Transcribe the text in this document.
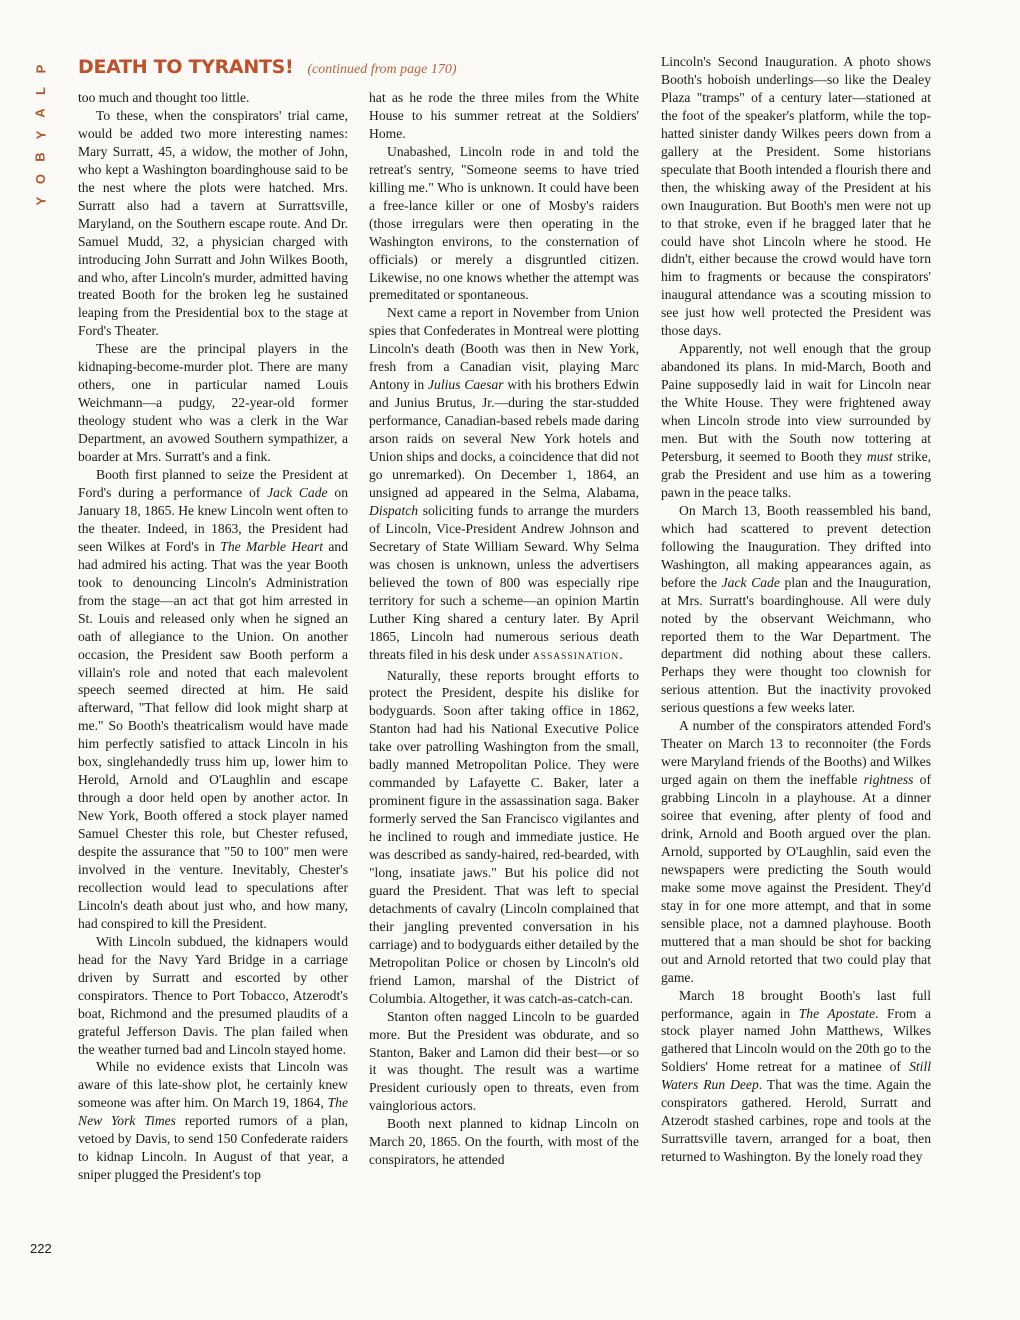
P
L
A
Y
B
O
Y
DEATH TO TYRANTS! (continued from page 170)

too much and thought too little.

To these, when the conspirators' trial came, would be added two more interesting names: Mary Surratt, 45, a widow, the mother of John, who kept a Washington boardinghouse said to be the nest where the plots were hatched. Mrs. Surratt also had a tavern at Surrattsville, Maryland, on the Southern escape route. And Dr. Samuel Mudd, 32, a physician charged with introducing John Surratt and John Wilkes Booth, and who, after Lincoln's murder, admitted having treated Booth for the broken leg he sustained leaping from the Presidential box to the stage at Ford's Theater.

These are the principal players in the kidnaping-become-murder plot. There are many others, one in particular named Louis Weichmann—a pudgy, 22-year-old former theology student who was a clerk in the War Department, an avowed Southern sympathizer, a boarder at Mrs. Surratt's and a fink.

Booth first planned to seize the President at Ford's during a performance of Jack Cade on January 18, 1865. He knew Lincoln went often to the theater. Indeed, in 1863, the President had seen Wilkes at Ford's in The Marble Heart and had admired his acting. That was the year Booth took to denouncing Lincoln's Administration from the stage—an act that got him arrested in St. Louis and released only when he signed an oath of allegiance to the Union. On another occasion, the President saw Booth perform a villain's role and noted that each malevolent speech seemed directed at him. He said afterward, "That fellow did look might sharp at me." So Booth's theatricalism would have made him perfectly satisfied to attack Lincoln in his box, singlehandedly truss him up, lower him to Herold, Arnold and O'Laughlin and escape through a door held open by another actor. In New York, Booth offered a stock player named Samuel Chester this role, but Chester refused, despite the assurance that "50 to 100" men were involved in the venture. Inevitably, Chester's recollection would lead to speculations after Lincoln's death about just who, and how many, had conspired to kill the President.

With Lincoln subdued, the kidnapers would head for the Navy Yard Bridge in a carriage driven by Surratt and escorted by other conspirators. Thence to Port Tobacco, Atzerodt's boat, Richmond and the presumed plaudits of a grateful Jefferson Davis. The plan failed when the weather turned bad and Lincoln stayed home.

While no evidence exists that Lincoln was aware of this late-show plot, he certainly knew someone was after him. On March 19, 1864, The New York Times reported rumors of a plan, vetoed by Davis, to send 150 Confederate raiders to kidnap Lincoln. In August of that year, a sniper plugged the President's top

hat as he rode the three miles from the White House to his summer retreat at the Soldiers' Home.

Unabashed, Lincoln rode in and told the retreat's sentry, "Someone seems to have tried killing me." Who is unknown. It could have been a free-lance killer or one of Mosby's raiders (those irregulars were then operating in the Washington environs, to the consternation of officials) or merely a disgruntled citizen. Likewise, no one knows whether the attempt was premeditated or spontaneous.

Next came a report in November from Union spies that Confederates in Montreal were plotting Lincoln's death (Booth was then in New York, fresh from a Canadian visit, playing Marc Antony in Julius Caesar with his brothers Edwin and Junius Brutus, Jr.—during the star-studded performance, Canadian-based rebels made daring arson raids on several New York hotels and Union ships and docks, a coincidence that did not go unremarked). On December 1, 1864, an unsigned ad appeared in the Selma, Alabama, Dispatch soliciting funds to arrange the murders of Lincoln, Vice-President Andrew Johnson and Secretary of State William Seward. Why Selma was chosen is unknown, unless the advertisers believed the town of 800 was especially ripe territory for such a scheme—an opinion Martin Luther King shared a century later. By April 1865, Lincoln had numerous serious death threats filed in his desk under ASSASSINATION.

Naturally, these reports brought efforts to protect the President, despite his dislike for bodyguards. Soon after taking office in 1862, Stanton had had his National Executive Police take over patrolling Washington from the small, badly manned Metropolitan Police. They were commanded by Lafayette C. Baker, later a prominent figure in the assassination saga. Baker formerly served the San Francisco vigilantes and he inclined to rough and immediate justice. He was described as sandy-haired, red-bearded, with "long, insatiate jaws." But his police did not guard the President. That was left to special detachments of cavalry (Lincoln complained that their jangling prevented conversation in his carriage) and to bodyguards either detailed by the Metropolitan Police or chosen by Lincoln's old friend Lamon, marshal of the District of Columbia. Altogether, it was catch-as-catch-can.

Stanton often nagged Lincoln to be guarded more. But the President was obdurate, and so Stanton, Baker and Lamon did their best—or so it was thought. The result was a wartime President curiously open to threats, even from vainglorious actors.

Booth next planned to kidnap Lincoln on March 20, 1865. On the fourth, with most of the conspirators, he attended

Lincoln's Second Inauguration. A photo shows Booth's hoboish underlings—so like the Dealey Plaza "tramps" of a century later—stationed at the foot of the speaker's platform, while the top-hatted sinister dandy Wilkes peers down from a gallery at the President. Some historians speculate that Booth intended a flourish there and then, the whisking away of the President at his own Inauguration. But Booth's men were not up to that stroke, even if he bragged later that he could have shot Lincoln where he stood. He didn't, either because the crowd would have torn him to fragments or because the conspirators' inaugural attendance was a scouting mission to see just how well protected the President was those days.

Apparently, not well enough that the group abandoned its plans. In mid-March, Booth and Paine supposedly laid in wait for Lincoln near the White House. They were frightened away when Lincoln strode into view surrounded by men. But with the South now tottering at Petersburg, it seemed to Booth they must strike, grab the President and use him as a towering pawn in the peace talks.

On March 13, Booth reassembled his band, which had scattered to prevent detection following the Inauguration. They drifted into Washington, all making appearances again, as before the Jack Cade plan and the Inauguration, at Mrs. Surratt's boardinghouse. All were duly noted by the observant Weichmann, who reported them to the War Department. The department did nothing about these callers. Perhaps they were thought too clownish for serious attention. But the inactivity provoked serious questions a few weeks later.

A number of the conspirators attended Ford's Theater on March 13 to reconnoiter (the Fords were Maryland friends of the Booths) and Wilkes urged again on them the ineffable rightness of grabbing Lincoln in a playhouse. At a dinner soiree that evening, after plenty of food and drink, Arnold and Booth argued over the plan. Arnold, supported by O'Laughlin, said even the newspapers were predicting the South would make some move against the President. They'd stay in for one more attempt, and that in some sensible place, not a damned playhouse. Booth muttered that a man should be shot for backing out and Arnold retorted that two could play that game.

March 18 brought Booth's last full performance, again in The Apostate. From a stock player named John Matthews, Wilkes gathered that Lincoln would on the 20th go to the Soldiers' Home retreat for a matinee of Still Waters Run Deep. That was the time. Again the conspirators gathered. Herold, Surratt and Atzerodt stashed carbines, rope and tools at the Surrattsville tavern, arranged for a boat, then returned to Washington. By the lonely road they

222
